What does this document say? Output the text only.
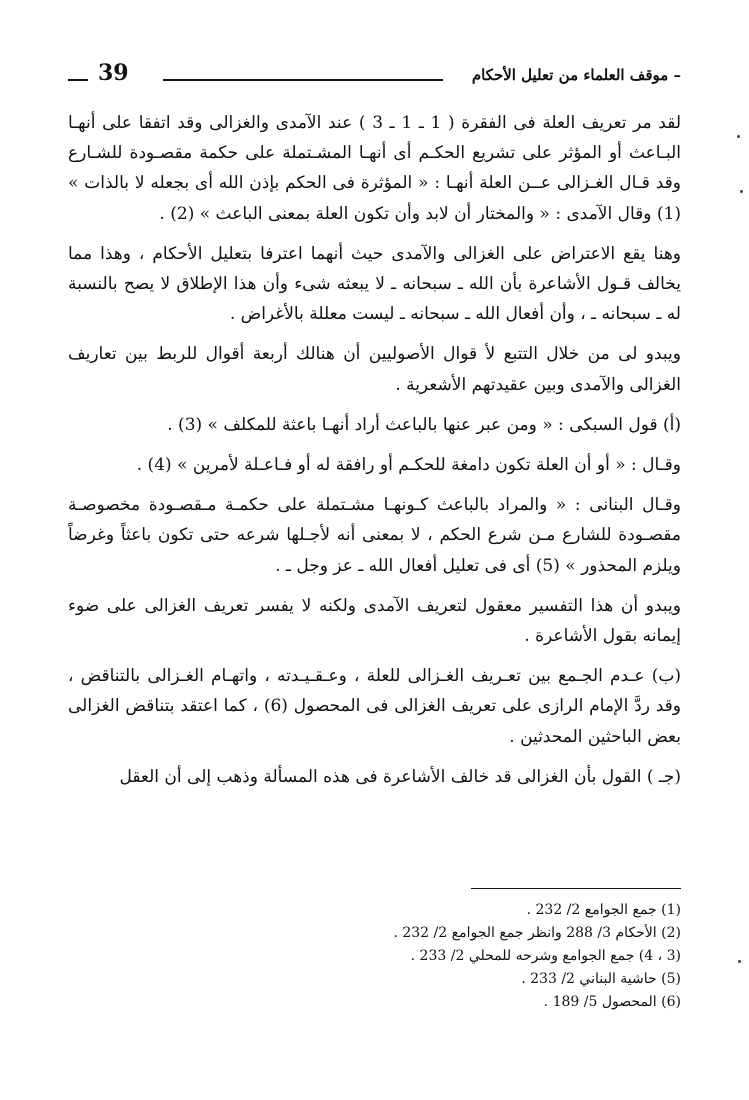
– موقف العلماء من تعليل الأحكام
39

لقد مر تعريف العلة فى الفقرة ( 1 ـ 1 ـ 3 ) عند الآمدى والغزالى وقد اتفقا على أنهـا البـاعث أو المؤثر على تشريع الحكـم أى أنهـا المشـتملة على حكمة مقصـودة للشـارع وقد قـال الغـزالى عــن العلة أنهـا : « المؤثرة فى الحكم بإذن الله أى بجعله لا بالذات » (1) وقال الآمدى : « والمختار أن لابد وأن تكون العلة بمعنى الباعث » (2) .

وهنا يقع الاعتراض على الغزالى والآمدى حيث أنهما اعترفا بتعليل الأحكام ، وهذا مما يخالف قـول الأشاعرة بأن الله ـ سبحانه ـ لا يبعثه شىء وأن هذا الإطلاق لا يصح بالنسبة له ـ سبحانه ـ ، وأن أفعال الله ـ سبحانه ـ ليست معللة بالأغراض .

ويبدو لى من خلال التتبع لأ قوال الأصوليين أن هنالك أربعة أقوال للربط بين تعاريف الغزالى والآمدى وبين عقيدتهم الأشعرية .

(أ) قول السبكى : « ومن عبر عنها بالباعث أراد أنهـا باعثة للمكلف » (3) .

وقـال : « أو أن العلة تكون دامغة للحكـم أو رافقة له أو فـاعـلة لأمرين » (4) .

وقـال البنانى : « والمراد بالباعث كـونهـا مشـتملة على حكمـة مـقصـودة مخصوصـة مقصـودة للشارع مـن شرع الحكم ، لا بمعنى أنه لأجـلها شرعه حتى تكون باعثاً وغرضاً ويلزم المحذور » (5) أى فى تعليل أفعال الله ـ عز وجل ـ .

ويبدو أن هذا التفسير معقول لتعريف الآمدى ولكنه لا يفسر تعريف الغزالى على ضوء إيمانه بقول الأشاعرة .

(ب) عـدم الجـمع بين تعـريف الغـزالى للعلة ، وعـقـيـدته ، واتهـام الغـزالى بالتناقض ، وقد ردَّ الإمام الرازى على تعريف الغزالى فى المحصول (6) ، كما اعتقد بتناقض الغزالى بعض الباحثين المحدثين .

(جـ ) القول بأن الغزالى قد خالف الأشاعرة فى هذه المسألة وذهب إلى أن العقل

(1) جمع الجوامع 2/ 232 .
(2) الأحكام 3/ 288 وانظر جمع الجوامع 2/ 232 .
(3 ، 4) جمع الجوامع وشرحه للمحلي 2/ 233 .
(5) حاشية البناني 2/ 233 .
(6) المحصول 5/ 189 .
